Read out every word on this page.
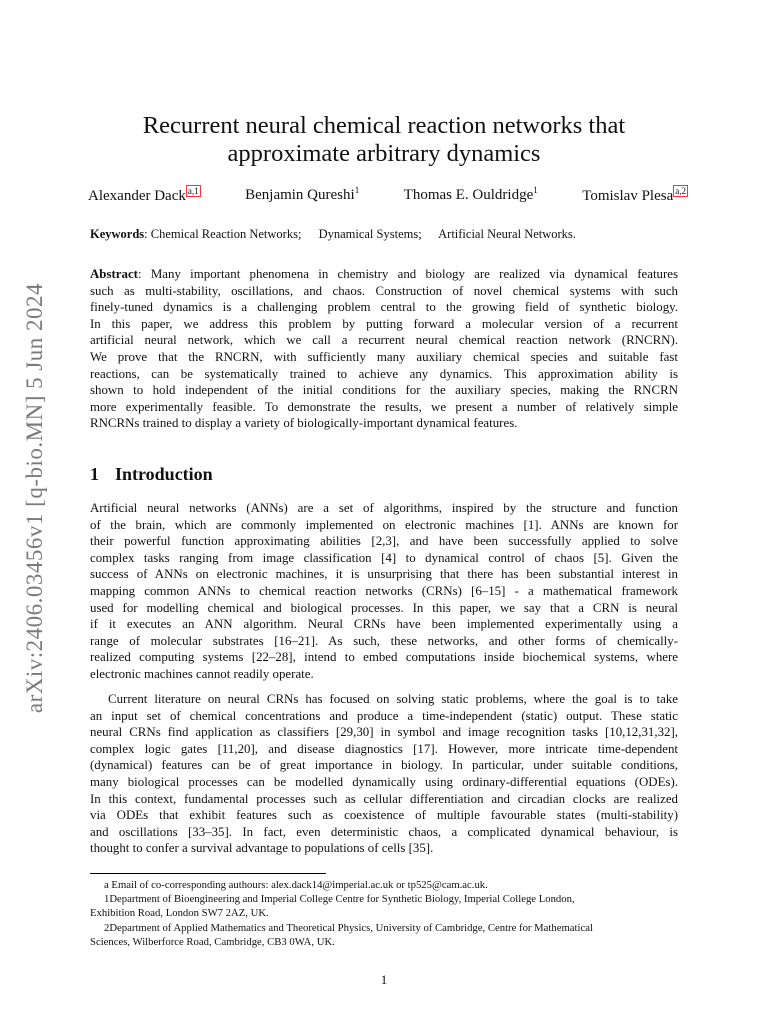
arXiv:2406.03456v1 [q-bio.MN] 5 Jun 2024
Recurrent neural chemical reaction networks that
approximate arbitrary dynamics
Alexander Dack $^{a,1}$	Benjamin Qureshi$^1$	Thomas E. Ouldridge$^1$	Tomislav Plesa $^{a,2}$
Keywords: Chemical Reaction Networks; Dynamical Systems; Artificial Neural Networks.
Abstract: Many important phenomena in chemistry and biology are realized via dynamical features
such as multi-stability, oscillations, and chaos. Construction of novel chemical systems with such
finely-tuned dynamics is a challenging problem central to the growing field of synthetic biology.
In this paper, we address this problem by putting forward a molecular version of a recurrent
artificial neural network, which we call a recurrent neural chemical reaction network (RNCRN).
We prove that the RNCRN, with sufficiently many auxiliary chemical species and suitable fast
reactions, can be systematically trained to achieve any dynamics. This approximation ability is
shown to hold independent of the initial conditions for the auxiliary species, making the RNCRN
more experimentally feasible. To demonstrate the results, we present a number of relatively simple
RNCRNs trained to display a variety of biologically-important dynamical features.
1 Introduction
Artificial neural networks (ANNs) are a set of algorithms, inspired by the structure and function
of the brain, which are commonly implemented on electronic machines [1]. ANNs are known for
their powerful function approximating abilities [2,3], and have been successfully applied to solve
complex tasks ranging from image classification [4] to dynamical control of chaos [5]. Given the
success of ANNs on electronic machines, it is unsurprising that there has been substantial interest in
mapping common ANNs to chemical reaction networks (CRNs) [6–15] - a mathematical framework
used for modelling chemical and biological processes. In this paper, we say that a CRN is neural
if it executes an ANN algorithm. Neural CRNs have been implemented experimentally using a
range of molecular substrates [16–21]. As such, these networks, and other forms of chemically-
realized computing systems [22–28], intend to embed computations inside biochemical systems, where
electronic machines cannot readily operate.
Current literature on neural CRNs has focused on solving static problems, where the goal is to take
an input set of chemical concentrations and produce a time-independent (static) output. These static
neural CRNs find application as classifiers [29,30] in symbol and image recognition tasks [10,12,31,32],
complex logic gates [11,20], and disease diagnostics [17]. However, more intricate time-dependent
(dynamical) features can be of great importance in biology. In particular, under suitable conditions,
many biological processes can be modelled dynamically using ordinary-differential equations (ODEs).
In this context, fundamental processes such as cellular differentiation and circadian clocks are realized
via ODEs that exhibit features such as coexistence of multiple favourable states (multi-stability)
and oscillations [33–35]. In fact, even deterministic chaos, a complicated dynamical behaviour, is
thought to confer a survival advantage to populations of cells [35].
a Email of co-corresponding authours: alex.dack14@imperial.ac.uk or tp525@cam.ac.uk.
1Department of Bioengineering and Imperial College Centre for Synthetic Biology, Imperial College London,
Exhibition Road, London SW7 2AZ, UK.
2Department of Applied Mathematics and Theoretical Physics, University of Cambridge, Centre for Mathematical
Sciences, Wilberforce Road, Cambridge, CB3 0WA, UK.
1
